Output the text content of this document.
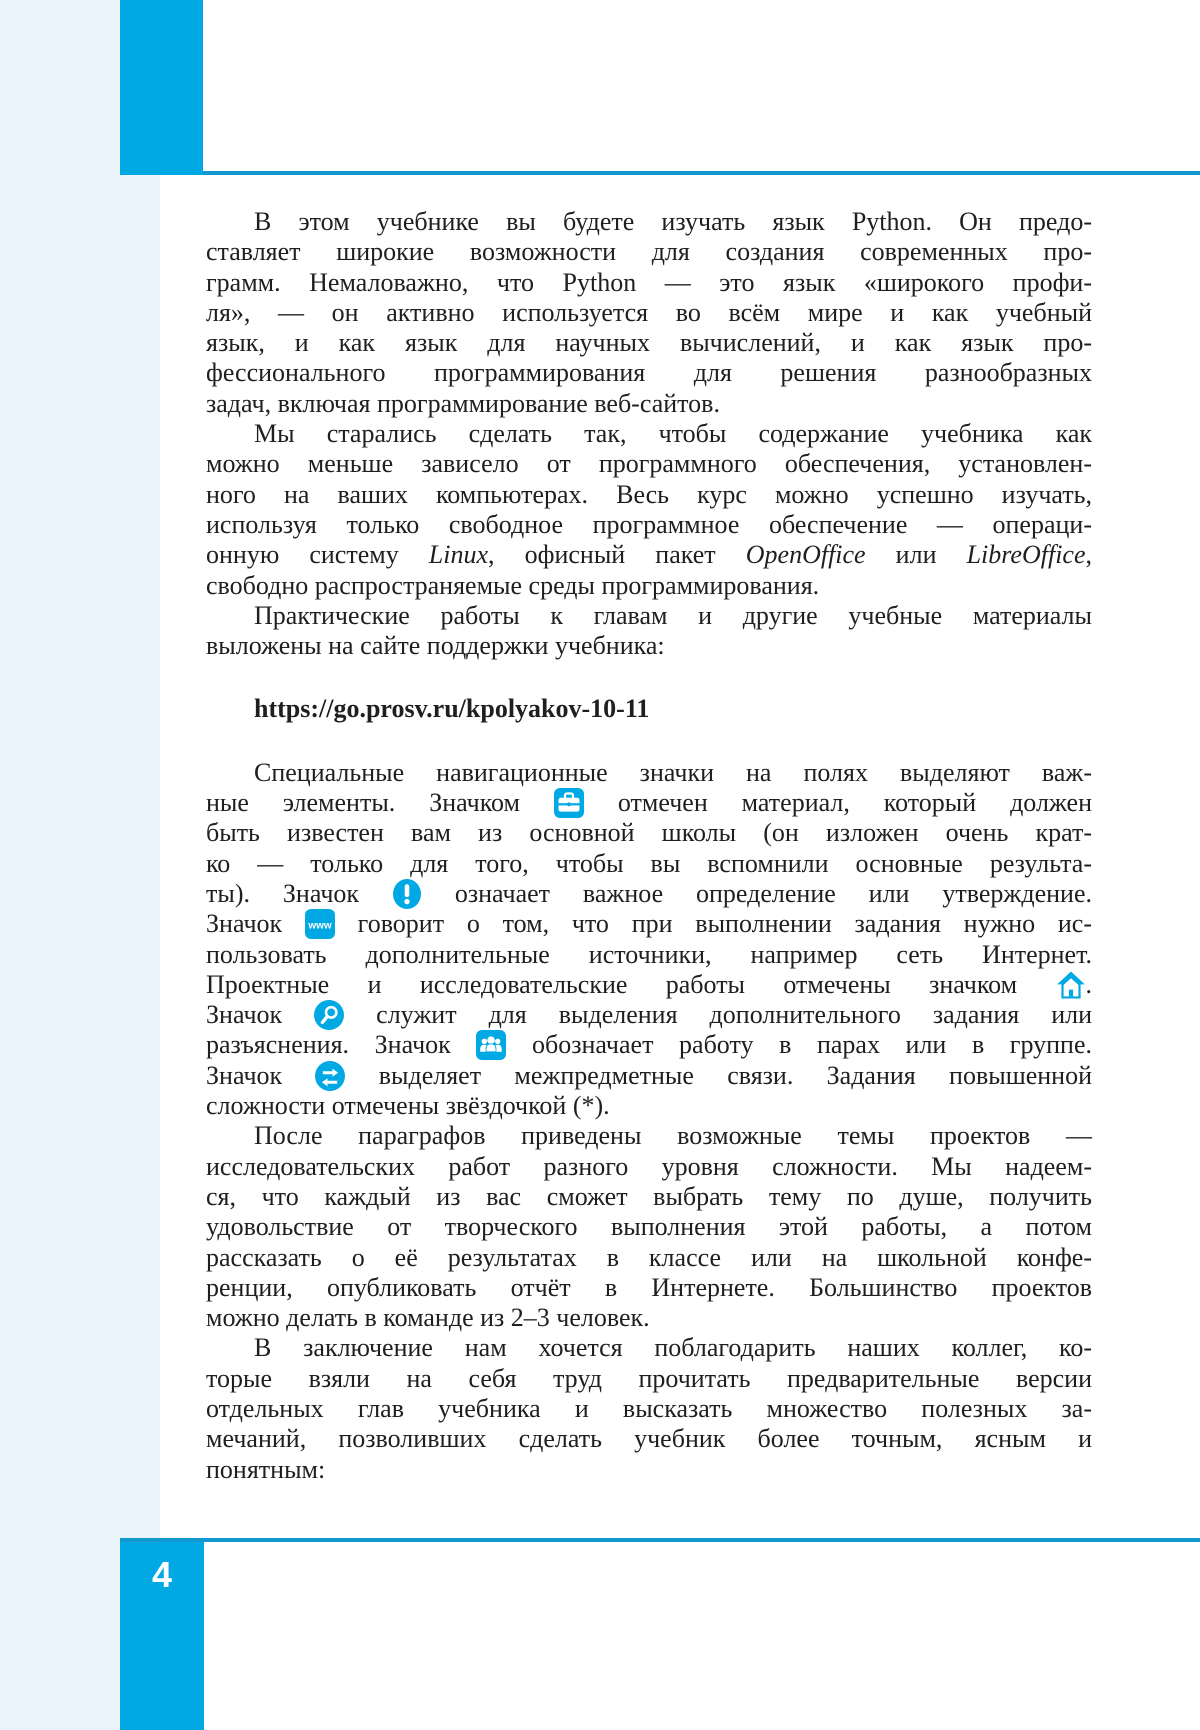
4
В этом учебнике вы будете изучать язык Python. Он предо-
ставляет широкие возможности для создания современных про-
грамм. Немаловажно, что Python — это язык «широкого профи-
ля», — он активно используется во всём мире и как учебный
язык, и как язык для научных вычислений, и как язык про-
фессионального программирования для решения разнообразных
задач, включая программирование веб-сайтов.
Мы старались сделать так, чтобы содержание учебника как
можно меньше зависело от программного обеспечения, установлен-
ного на ваших компьютерах. Весь курс можно успешно изучать,
используя только свободное программное обеспечение — операци-
онную систему Linux, офисный пакет OpenOffice или LibreOffice,
свободно распространяемые среды программирования.
Практические работы к главам и другие учебные материалы
выложены на сайте поддержки учебника:
https://go.prosv.ru/kpolyakov-10-11
Специальные навигационные значки на полях выделяют важ-
ные элементы. Значком
отмечен материал, который должен
быть известен вам из основной школы (он изложен очень крат-
ко — только для того, чтобы вы вспомнили основные результа-
ты). Значок
означает важное определение или утверждение.
Значок www говорит о том, что при выполнении задания нужно ис-
пользовать дополнительные источники, например сеть Интернет.
Проектные и исследовательские работы отмечены значком
.
Значок
служит для выделения дополнительного задания или
разъяснения. Значок
обозначает работу в парах или в группе.
Значок
выделяет межпредметные связи. Задания повышенной
сложности отмечены звёздочкой (*).
После параграфов приведены возможные темы проектов —
исследовательских работ разного уровня сложности. Мы надеем-
ся, что каждый из вас сможет выбрать тему по душе, получить
удовольствие от творческого выполнения этой работы, а потом
рассказать о её результатах в классе или на школьной конфе-
ренции, опубликовать отчёт в Интернете. Большинство проектов
можно делать в команде из 2–3 человек.
В заключение нам хочется поблагодарить наших коллег, ко-
торые взяли на себя труд прочитать предварительные версии
отдельных глав учебника и высказать множество полезных за-
мечаний, позволивших сделать учебник более точным, ясным и
понятным:
